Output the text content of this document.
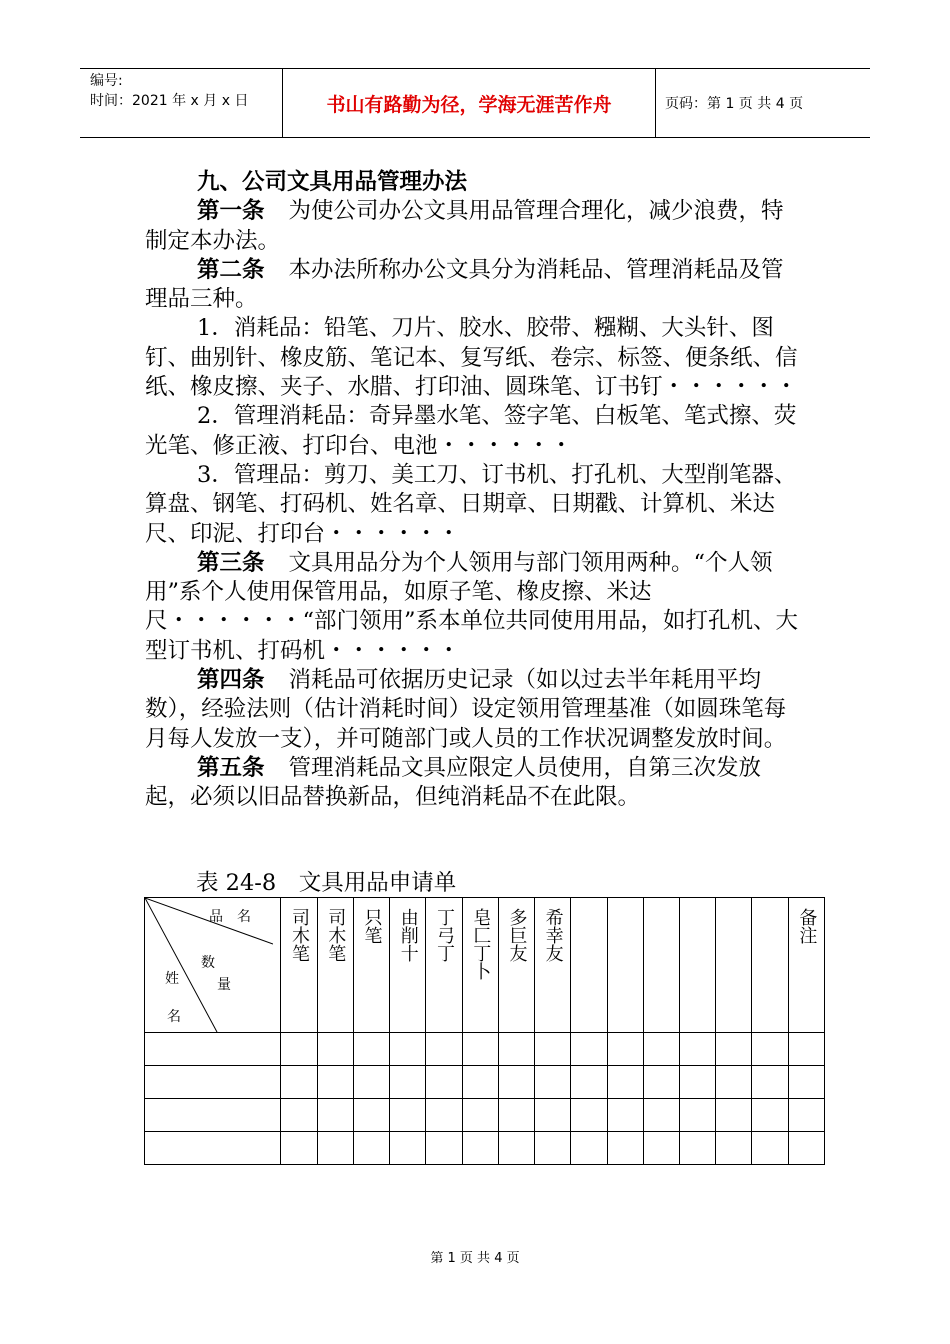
编号:
时间：2021 年 x 月 x 日	书山有路勤为径，学海无涯苦作舟	页码：第 1 页 共 4 页

九、公司文具用品管理办法

第一条 为使公司办公文具用品管理合理化，减少浪费，特制定本办法。

第二条 本办法所称办公文具分为消耗品、管理消耗品及管理品三种。

1．消耗品：铅笔、刀片、胶水、胶带、糨糊、大头针、图钉、曲别针、橡皮筋、笔记本、复写纸、卷宗、标签、便条纸、信纸、橡皮擦、夹子、水腊、打印油、圆珠笔、订书钉・・・・・・

2．管理消耗品：奇异墨水笔、签字笔、白板笔、笔式擦、荧光笔、修正液、打印台、电池・・・・・・

3．管理品：剪刀、美工刀、订书机、打孔机、大型削笔器、算盘、钢笔、打码机、姓名章、日期章、日期戳、计算机、米达尺、印泥、打印台・・・・・・

第三条 文具用品分为个人领用与部门领用两种。“个人领用”系个人使用保管用品，如原子笔、橡皮擦、米达尺・・・・・・“部门领用”系本单位共同使用用品，如打孔机、大型订书机、打码机・・・・・・

第四条 消耗品可依据历史记录（如以过去半年耗用平均数），经验法则（估计消耗时间）设定领用管理基准（如圆珠笔每月每人发放一支），并可随部门或人员的工作状况调整发放时间。

第五条 管理消耗品文具应限定人员使用，自第三次发放起，必须以旧品替换新品，但纯消耗品不在此限。

表 24-8　文具用品申请单
品　名
数
量
姓
名	司木笔	司木笔	只笔	由削十	丁弓丁	皂匚丁卜	多巨友	希幸友							备注

第 1 页 共 4 页
